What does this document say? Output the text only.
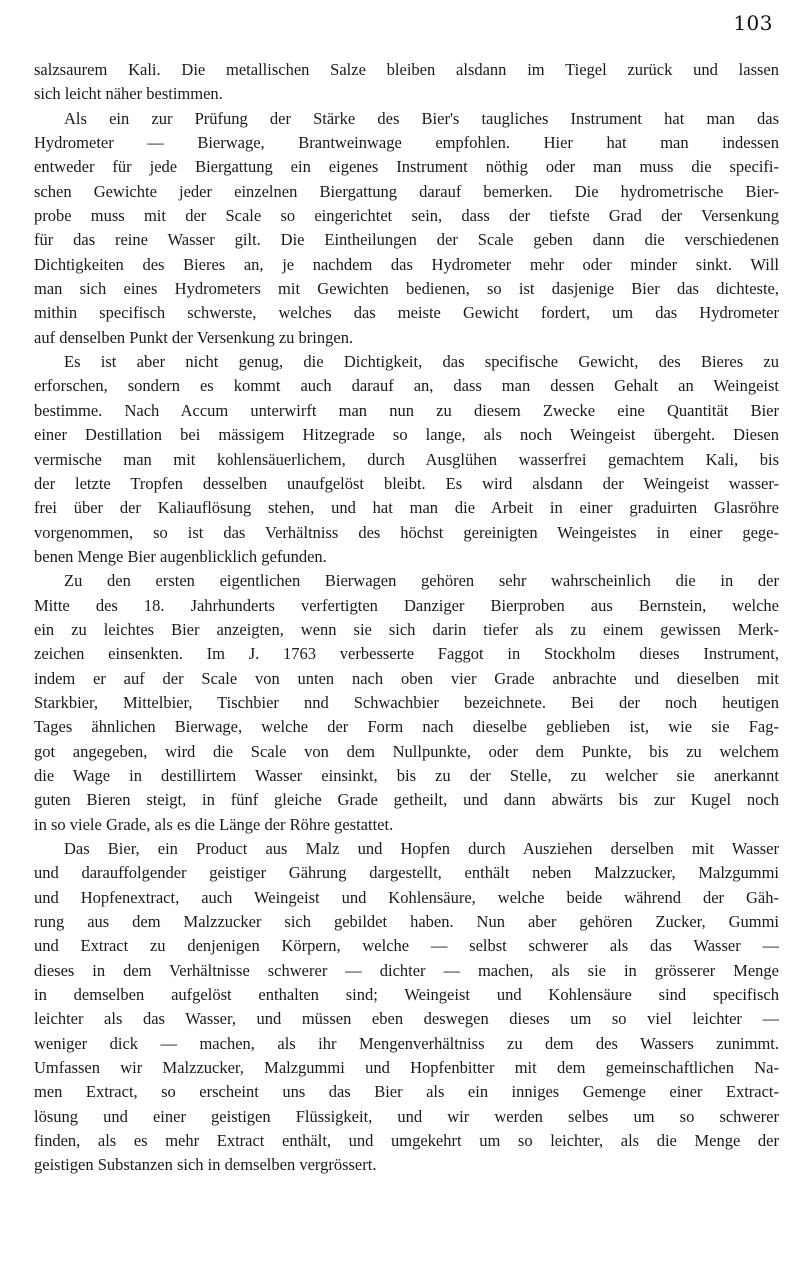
103
salzsaurem Kali. Die metallischen Salze bleiben alsdann im Tiegel zurück und lassen
sich leicht näher bestimmen.
Als ein zur Prüfung der Stärke des Bier's taugliches Instrument hat man das
Hydrometer — Bierwage, Brantweinwage empfohlen. Hier hat man indessen
entweder für jede Biergattung ein eigenes Instrument nöthig oder man muss die specifi-
schen Gewichte jeder einzelnen Biergattung darauf bemerken. Die hydrometrische Bier-
probe muss mit der Scale so eingerichtet sein, dass der tiefste Grad der Versenkung
für das reine Wasser gilt. Die Eintheilungen der Scale geben dann die verschiedenen
Dichtigkeiten des Bieres an, je nachdem das Hydrometer mehr oder minder sinkt. Will
man sich eines Hydrometers mit Gewichten bedienen, so ist dasjenige Bier das dichteste,
mithin specifisch schwerste, welches das meiste Gewicht fordert, um das Hydrometer
auf denselben Punkt der Versenkung zu bringen.
Es ist aber nicht genug, die Dichtigkeit, das specifische Gewicht, des Bieres zu
erforschen, sondern es kommt auch darauf an, dass man dessen Gehalt an Weingeist
bestimme. Nach Accum unterwirft man nun zu diesem Zwecke eine Quantität Bier
einer Destillation bei mässigem Hitzegrade so lange, als noch Weingeist übergeht. Diesen
vermische man mit kohlensäuerlichem, durch Ausglühen wasserfrei gemachtem Kali, bis
der letzte Tropfen desselben unaufgelöst bleibt. Es wird alsdann der Weingeist wasser-
frei über der Kaliauflösung stehen, und hat man die Arbeit in einer graduirten Glasröhre
vorgenommen, so ist das Verhältniss des höchst gereinigten Weingeistes in einer gege-
benen Menge Bier augenblicklich gefunden.
Zu den ersten eigentlichen Bierwagen gehören sehr wahrscheinlich die in der
Mitte des 18. Jahrhunderts verfertigten Danziger Bierproben aus Bernstein, welche
ein zu leichtes Bier anzeigten, wenn sie sich darin tiefer als zu einem gewissen Merk-
zeichen einsenkten. Im J. 1763 verbesserte Faggot in Stockholm dieses Instrument,
indem er auf der Scale von unten nach oben vier Grade anbrachte und dieselben mit
Starkbier, Mittelbier, Tischbier nnd Schwachbier bezeichnete. Bei der noch heutigen
Tages ähnlichen Bierwage, welche der Form nach dieselbe geblieben ist, wie sie Fag-
got angegeben, wird die Scale von dem Nullpunkte, oder dem Punkte, bis zu welchem
die Wage in destillirtem Wasser einsinkt, bis zu der Stelle, zu welcher sie anerkannt
guten Bieren steigt, in fünf gleiche Grade getheilt, und dann abwärts bis zur Kugel noch
in so viele Grade, als es die Länge der Röhre gestattet.
Das Bier, ein Product aus Malz und Hopfen durch Ausziehen derselben mit Wasser
und darauffolgender geistiger Gährung dargestellt, enthält neben Malzzucker, Malzgummi
und Hopfenextract, auch Weingeist und Kohlensäure, welche beide während der Gäh-
rung aus dem Malzzucker sich gebildet haben. Nun aber gehören Zucker, Gummi
und Extract zu denjenigen Körpern, welche — selbst schwerer als das Wasser —
dieses in dem Verhältnisse schwerer — dichter — machen, als sie in grösserer Menge
in demselben aufgelöst enthalten sind; Weingeist und Kohlensäure sind specifisch
leichter als das Wasser, und müssen eben deswegen dieses um so viel leichter —
weniger dick — machen, als ihr Mengenverhältniss zu dem des Wassers zunimmt.
Umfassen wir Malzzucker, Malzgummi und Hopfenbitter mit dem gemeinschaftlichen Na-
men Extract, so erscheint uns das Bier als ein inniges Gemenge einer Extract-
lösung und einer geistigen Flüssigkeit, und wir werden selbes um so schwerer
finden, als es mehr Extract enthält, und umgekehrt um so leichter, als die Menge der
geistigen Substanzen sich in demselben vergrössert.
